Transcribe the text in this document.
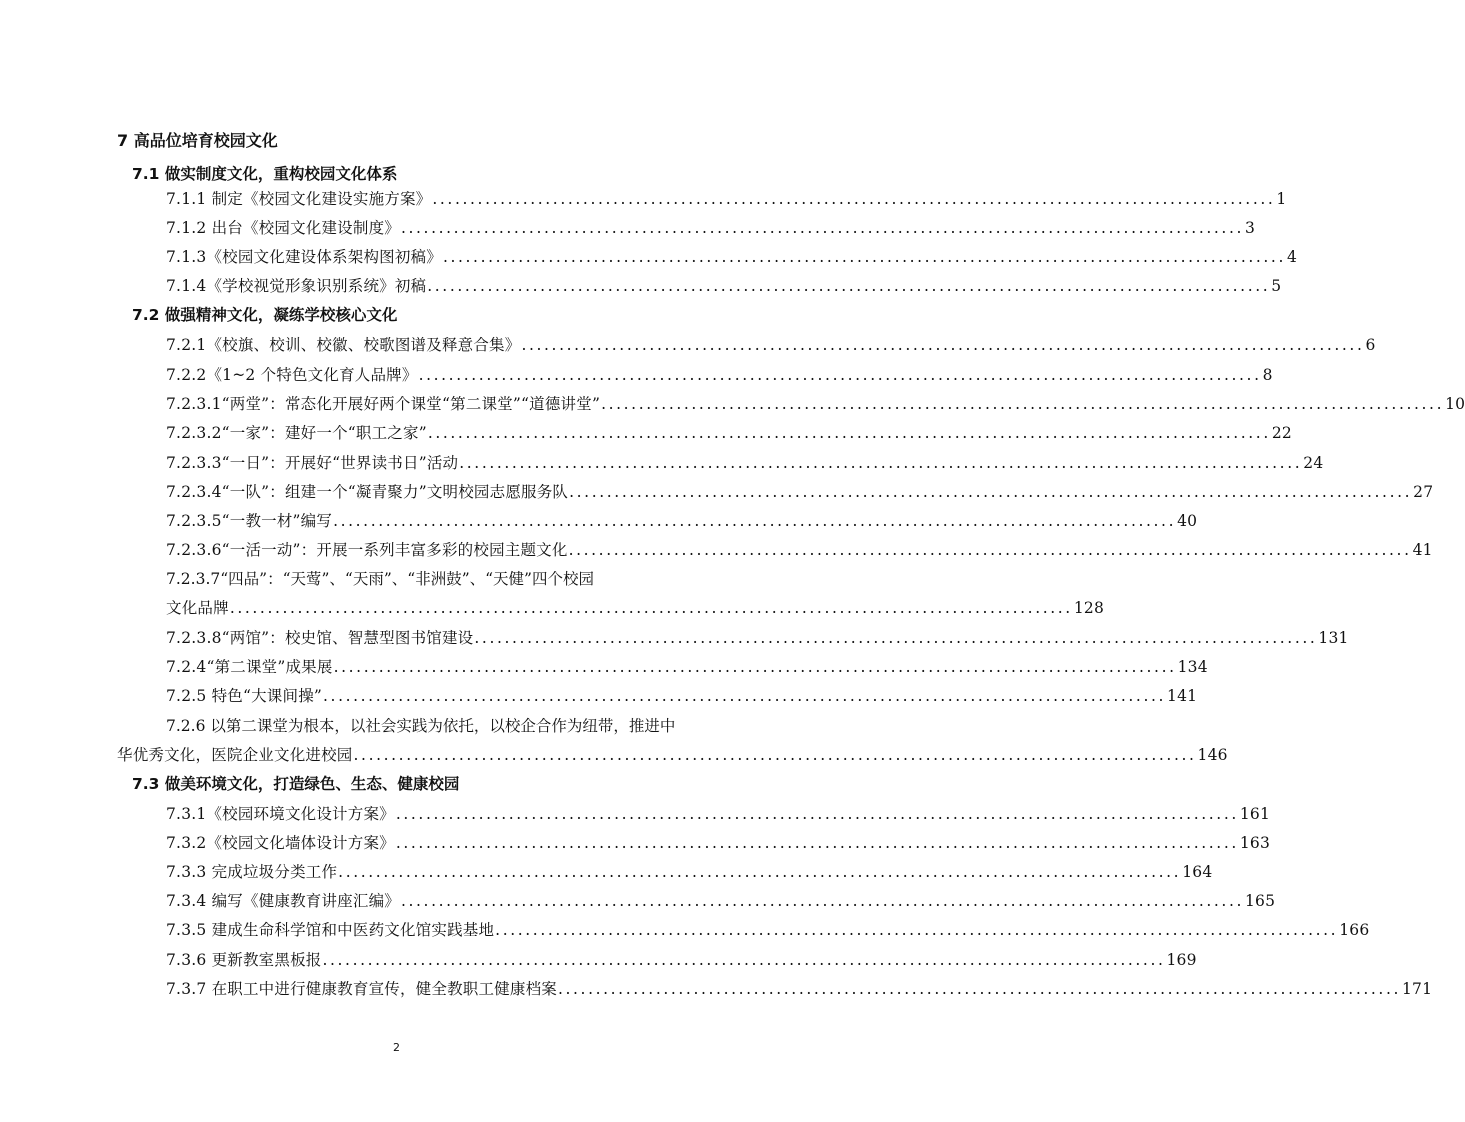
7 高品位培育校园文化
7.1 做实制度文化，重构校园文化体系
7.1.1 制定《校园文化建设实施方案》 ................................................................................................................ 1
7.1.2 出台《校园文化建设制度》 ................................................................................................................ 3
7.1.3《校园文化建设体系架构图初稿》 ................................................................................................................ 4
7.1.4《学校视觉形象识别系统》初稿 ................................................................................................................ 5
7.2 做强精神文化，凝练学校核心文化
7.2.1《校旗、校训、校徽、校歌图谱及释意合集》 ................................................................................................................ 6
7.2.2《1~2 个特色文化育人品牌》 ................................................................................................................ 8
7.2.3.1“两堂”：常态化开展好两个课堂“第二课堂”“道德讲堂” ................................................................................................................ 10
7.2.3.2“一家”：建好一个“职工之家” ................................................................................................................ 22
7.2.3.3“一日”：开展好“世界读书日”活动 ................................................................................................................ 24
7.2.3.4“一队”：组建一个“凝青聚力”文明校园志愿服务队 ................................................................................................................ 27
7.2.3.5“一教一材”编写 ................................................................................................................ 40
7.2.3.6“一活一动”：开展一系列丰富多彩的校园主题文化 ................................................................................................................ 41
7.2.3.7“四品”：“天莺”、“天雨”、“非洲鼓”、“天健”四个校园
文化品牌 ................................................................................................................ 128
7.2.3.8“两馆”：校史馆、智慧型图书馆建设 ................................................................................................................ 131
7.2.4“第二课堂”成果展 ................................................................................................................ 134
7.2.5 特色“大课间操” ................................................................................................................ 141
7.2.6 以第二课堂为根本，以社会实践为依托，以校企合作为纽带，推进中
华优秀文化，医院企业文化进校园 ................................................................................................................ 146
7.3 做美环境文化，打造绿色、生态、健康校园
7.3.1《校园环境文化设计方案》 ................................................................................................................ 161
7.3.2《校园文化墙体设计方案》 ................................................................................................................ 163
7.3.3 完成垃圾分类工作 ................................................................................................................ 164
7.3.4 编写《健康教育讲座汇编》 ................................................................................................................ 165
7.3.5 建成生命科学馆和中医药文化馆实践基地 ................................................................................................................ 166
7.3.6 更新教室黑板报 ................................................................................................................ 169
7.3.7 在职工中进行健康教育宣传，健全教职工健康档案 ................................................................................................................ 171
2
